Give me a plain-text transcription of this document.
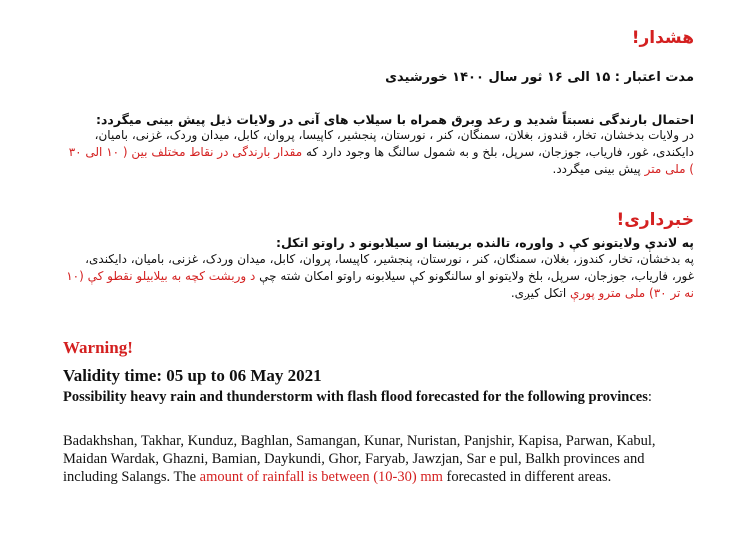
هشدار!
مدت اعتبار : ۱۵ الی ۱۶ ثور سال ۱۴۰۰ خورشیدی
احتمال بارندگی نسبتاً شدید و رعد وبرق همراه با سیلاب های آنی در ولایات ذیل پیش بینی میگردد:
در ولایات بدخشان، تخار، قندوز، بغلان، سمنگان، کنر ، نورستان، پنجشیر، کاپیسا، پروان، کابل، میدان وردک، غزنی، بامیان، دایکندی، غور، فاریاب، جوزجان، سرپل، بلخ و به شمول سالنگ ها وجود دارد که مقدار بارندگی در نقاط مختلف بین ( ۱۰ الی ۳۰ ) ملی متر پیش بینی میگردد.
خبرداری!
په لاندې ولایتونو کې د واوره، تالنده بریښنا او سیلابونو د راوتو اتکل:
په بدخشان، تخار، کندوز، بغلان، سمنګان، کنر ، نورستان، پنجشیر، کاپیسا، پروان، کابل، میدان وردک، غزنی، بامیان، دایکندی، غور، فاریاب، جوزجان، سرپل، بلخ ولایتونو او سالنګونو کې سیلابونه راوتو امکان شته چې د وربشت کچه به بیلابیلو نقطو کې (۱۰ نه تر ۳۰) ملی مترو پورې اتکل کیږی.
Warning!
Validity time: 05 up to 06 May 2021
Possibility heavy rain and thunderstorm with flash flood forecasted for the following provinces:
Badakhshan, Takhar, Kunduz, Baghlan, Samangan, Kunar, Nuristan, Panjshir, Kapisa, Parwan, Kabul, Maidan Wardak, Ghazni, Bamian, Daykundi, Ghor, Faryab, Jawzjan, Sar e pul, Balkh provinces and including Salangs. The amount of rainfall is between (10-30) mm forecasted in different areas.
